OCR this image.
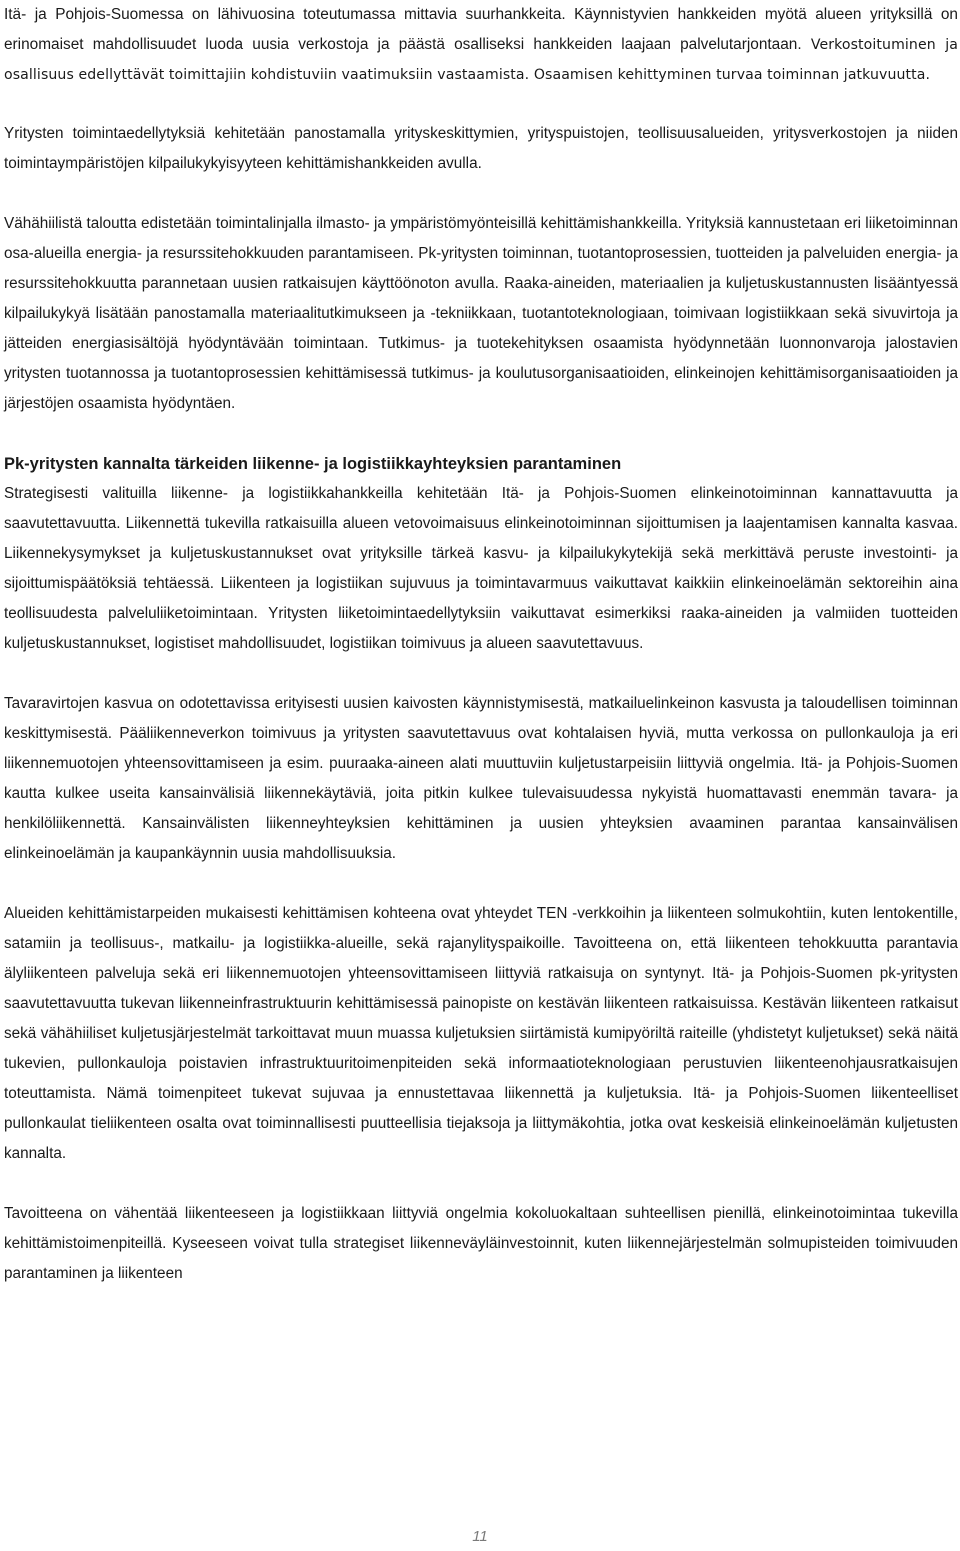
Itä- ja Pohjois-Suomessa on lähivuosina toteutumassa mittavia suurhankkeita. Käynnistyvien hankkeiden myötä alueen yrityksillä on erinomaiset mahdollisuudet luoda uusia verkostoja ja päästä osalliseksi hankkeiden laajaan palvelutarjontaan. Verkostoituminen ja osallisuus edellyttävät toimittajiin kohdistuviin vaatimuksiin vastaamista. Osaamisen kehittyminen turvaa toiminnan jatkuvuutta.

Yritysten toimintaedellytyksiä kehitetään panostamalla yrityskeskittymien, yrityspuistojen, teollisuusalueiden, yritysverkostojen ja niiden toimintaympäristöjen kilpailukykyisyyteen kehittämishankkeiden avulla.

Vähähiilistä taloutta edistetään toimintalinjalla ilmasto- ja ympäristömyönteisillä kehittämishankkeilla. Yrityksiä kannustetaan eri liiketoiminnan osa-alueilla energia- ja resurssitehokkuuden parantamiseen. Pk-yritysten toiminnan, tuotantoprosessien, tuotteiden ja palveluiden energia- ja resurssitehokkuutta parannetaan uusien ratkaisujen käyttöönoton avulla. Raaka-aineiden, materiaalien ja kuljetuskustannusten lisääntyessä kilpailukykyä lisätään panostamalla materiaalitutkimukseen ja -tekniikkaan, tuotantoteknologiaan, toimivaan logistiikkaan sekä sivuvirtoja ja jätteiden energiasisältöjä hyödyntävään toimintaan. Tutkimus- ja tuotekehityksen osaamista hyödynnetään luonnonvaroja jalostavien yritysten tuotannossa ja tuotantoprosessien kehittämisessä tutkimus- ja koulutusorganisaatioiden, elinkeinojen kehittämisorganisaatioiden ja järjestöjen osaamista hyödyntäen.

Pk-yritysten kannalta tärkeiden liikenne- ja logistiikkayhteyksien parantaminen

Strategisesti valituilla liikenne- ja logistiikkahankkeilla kehitetään Itä- ja Pohjois-Suomen elinkeinotoiminnan kannattavuutta ja saavutettavuutta. Liikennettä tukevilla ratkaisuilla alueen vetovoimaisuus elinkeinotoiminnan sijoittumisen ja laajentamisen kannalta kasvaa. Liikennekysymykset ja kuljetuskustannukset ovat yrityksille tärkeä kasvu- ja kilpailukykytekijä sekä merkittävä peruste investointi- ja sijoittumispäätöksiä tehtäessä. Liikenteen ja logistiikan sujuvuus ja toimintavarmuus vaikuttavat kaikkiin elinkeinoelämän sektoreihin aina teollisuudesta palveluliiketoimintaan. Yritysten liiketoimintaedellytyksiin vaikuttavat esimerkiksi raaka-aineiden ja valmiiden tuotteiden kuljetuskustannukset, logistiset mahdollisuudet, logistiikan toimivuus ja alueen saavutettavuus.

Tavaravirtojen kasvua on odotettavissa erityisesti uusien kaivosten käynnistymisestä, matkailuelinkeinon kasvusta ja taloudellisen toiminnan keskittymisestä. Pääliikenneverkon toimivuus ja yritysten saavutettavuus ovat kohtalaisen hyviä, mutta verkossa on pullonkauloja ja eri liikennemuotojen yhteensovittamiseen ja esim. puuraaka-aineen alati muuttuviin kuljetustarpeisiin liittyviä ongelmia. Itä- ja Pohjois-Suomen kautta kulkee useita kansainvälisiä liikennekäytäviä, joita pitkin kulkee tulevaisuudessa nykyistä huomattavasti enemmän tavara- ja henkilöliikennettä. Kansainvälisten liikenneyhteyksien kehittäminen ja uusien yhteyksien avaaminen parantaa kansainvälisen elinkeinoelämän ja kaupankäynnin uusia mahdollisuuksia.

Alueiden kehittämistarpeiden mukaisesti kehittämisen kohteena ovat yhteydet TEN -verkkoihin ja liikenteen solmukohtiin, kuten lentokentille, satamiin ja teollisuus-, matkailu- ja logistiikka-alueille, sekä rajanylityspaikoille. Tavoitteena on, että liikenteen tehokkuutta parantavia älyliikenteen palveluja sekä eri liikennemuotojen yhteensovittamiseen liittyviä ratkaisuja on syntynyt. Itä- ja Pohjois-Suomen pk-yritysten saavutettavuutta tukevan liikenneinfrastruktuurin kehittämisessä painopiste on kestävän liikenteen ratkaisuissa. Kestävän liikenteen ratkaisut sekä vähähiiliset kuljetusjärjestelmät tarkoittavat muun muassa kuljetuksien siirtämistä kumipyöriltä raiteille (yhdistetyt kuljetukset) sekä näitä tukevien, pullonkauloja poistavien infrastruktuuritoimenpiteiden sekä informaatioteknologiaan perustuvien liikenteenohjausratkaisujen toteuttamista. Nämä toimenpiteet tukevat sujuvaa ja ennustettavaa liikennettä ja kuljetuksia. Itä- ja Pohjois-Suomen liikenteelliset pullonkaulat tieliikenteen osalta ovat toiminnallisesti puutteellisia tiejaksoja ja liittymäkohtia, jotka ovat keskeisiä elinkeinoelämän kuljetusten kannalta.

Tavoitteena on vähentää liikenteeseen ja logistiikkaan liittyviä ongelmia kokoluokaltaan suhteellisen pienillä, elinkeinotoimintaa tukevilla kehittämistoimenpiteillä. Kyseeseen voivat tulla strategiset liikenneväyläinvestoinnit, kuten liikennejärjestelmän solmupisteiden toimivuuden parantaminen ja liikenteen

11
